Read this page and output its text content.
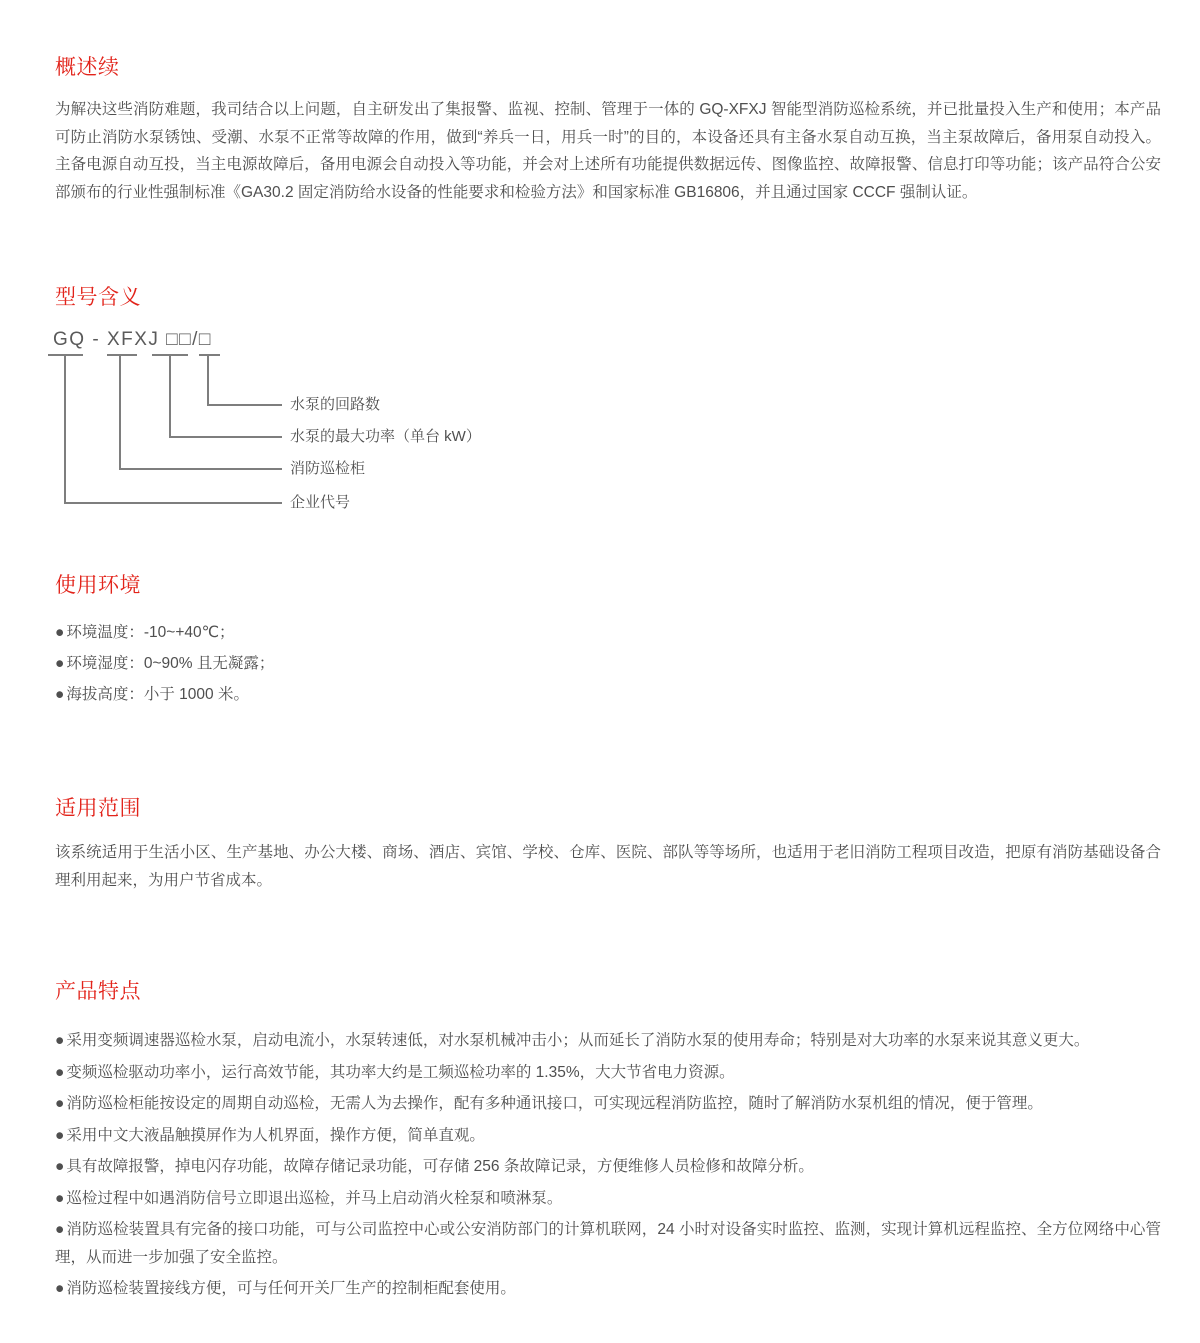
概述续

为解决这些消防难题，我司结合以上问题，自主研发出了集报警、监视、控制、管理于一体的 GQ-XFXJ 智能型消防巡检系统，并已批量投入生产和使用；本产品可防止消防水泵锈蚀、受潮、水泵不正常等故障的作用，做到“养兵一日，用兵一时”的目的，本设备还具有主备水泵自动互换，当主泵故障后，备用泵自动投入。主备电源自动互投，当主电源故障后，备用电源会自动投入等功能，并会对上述所有功能提供数据远传、图像监控、故障报警、信息打印等功能；该产品符合公安部颁布的行业性强制标准《GA30.2 固定消防给水设备的性能要求和检验方法》和国家标准 GB16806，并且通过国家 CCCF 强制认证。

型号含义
GQ - XFXJ □□/□
水泵的回路数
水泵的最大功率（单台 kW）
消防巡检柜
企业代号
使用环境
● 环境温度：-10~+40℃；
● 环境湿度：0~90% 且无凝露；
● 海拔高度：小于 1000 米。
适用范围

该系统适用于生活小区、生产基地、办公大楼、商场、酒店、宾馆、学校、仓库、医院、部队等等场所，也适用于老旧消防工程项目改造，把原有消防基础设备合理利用起来，为用户节省成本。

产品特点
● 采用变频调速器巡检水泵，启动电流小，水泵转速低，对水泵机械冲击小；从而延长了消防水泵的使用寿命；特别是对大功率的水泵来说其意义更大。
● 变频巡检驱动功率小，运行高效节能，其功率大约是工频巡检功率的 1.35%，大大节省电力资源。
● 消防巡检柜能按设定的周期自动巡检，无需人为去操作，配有多种通讯接口，可实现远程消防监控，随时了解消防水泵机组的情况，便于管理。
● 采用中文大液晶触摸屏作为人机界面，操作方便，简单直观。
● 具有故障报警，掉电闪存功能，故障存储记录功能，可存储 256 条故障记录，方便维修人员检修和故障分析。
● 巡检过程中如遇消防信号立即退出巡检，并马上启动消火栓泵和喷淋泵。
● 消防巡检装置具有完备的接口功能，可与公司监控中心或公安消防部门的计算机联网，24 小时对设备实时监控、监测，实现计算机远程监控、全方位网络中心管理，从而进一步加强了安全监控。
● 消防巡检装置接线方便，可与任何开关厂生产的控制柜配套使用。
